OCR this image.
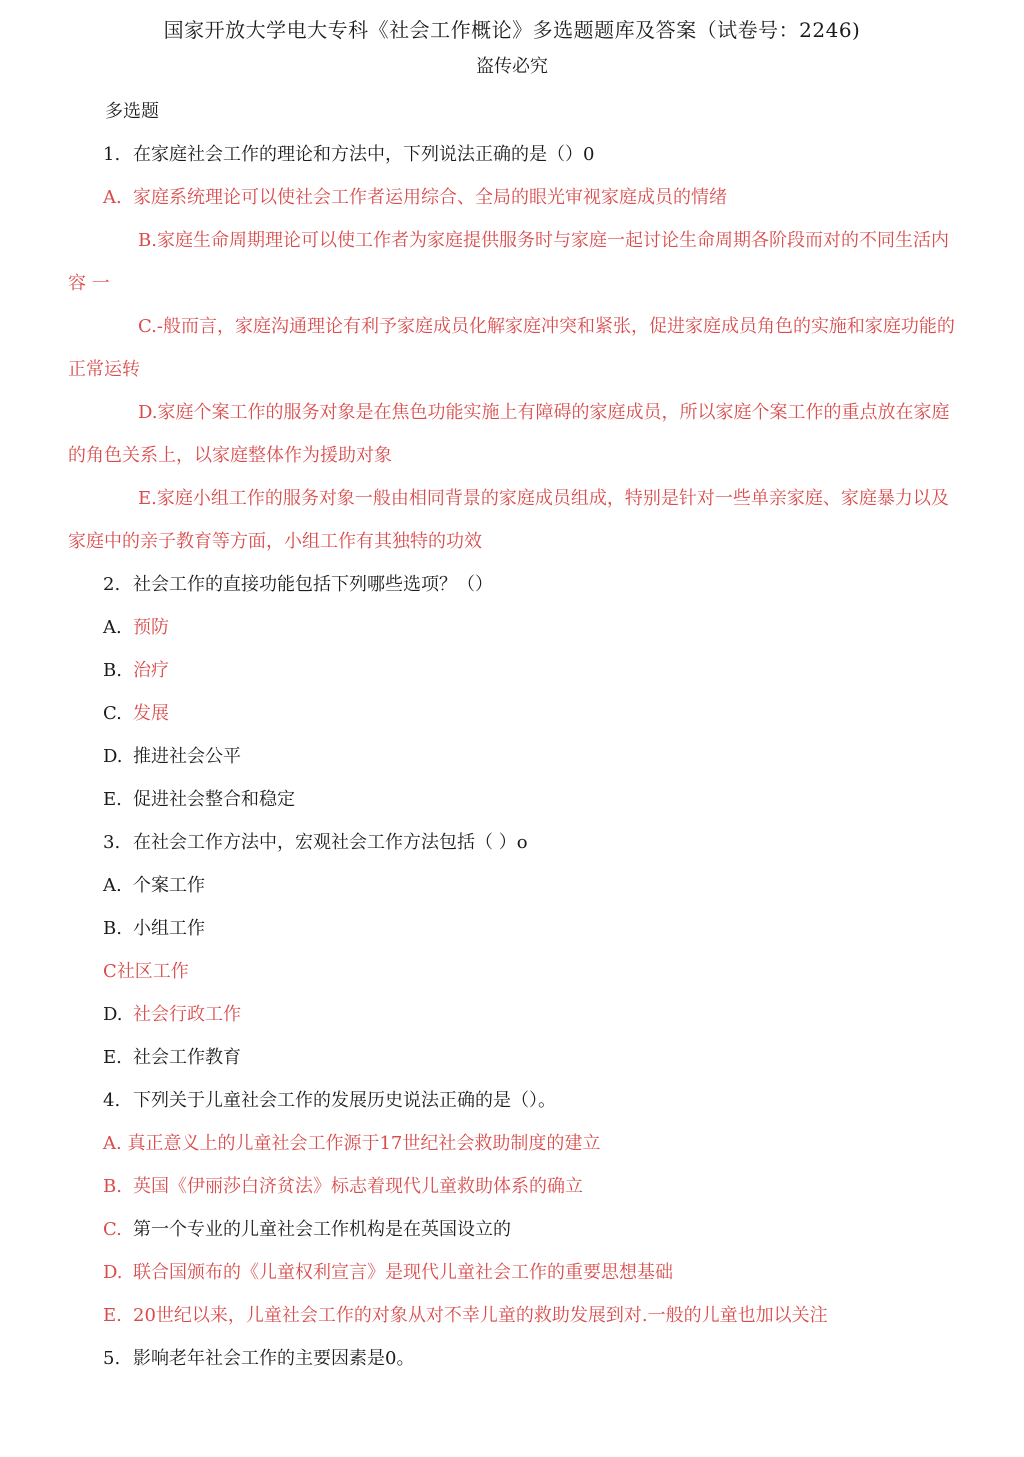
国家开放大学电大专科《社会工作概论》多选题题库及答案（试卷号：2246)
盗传必究

多选题

1. 在家庭社会工作的理论和方法中，下列说法正确的是（）0

A. 家庭系统理论可以使社会工作者运用综合、全局的眼光审视家庭成员的情绪

B.家庭生命周期理论可以使工作者为家庭提供服务时与家庭一起讨论生命周期各阶段而对的不同生活内容 一

C.-般而言，家庭沟通理论有利予家庭成员化解家庭冲突和紧张，促进家庭成员角色的实施和家庭功能的正常运转

D.家庭个案工作的服务对象是在焦色功能实施上有障碍的家庭成员，所以家庭个案工作的重点放在家庭的角色关系上，以家庭整体作为援助对象

E.家庭小组工作的服务对象一般由相同背景的家庭成员组成，特别是针对一些单亲家庭、家庭暴力以及家庭中的亲子教育等方面，小组工作有其独特的功效

2. 社会工作的直接功能包括下列哪些选项？（）

A. 预防

B. 治疗

C. 发展

D. 推进社会公平

E. 促进社会整合和稳定

3. 在社会工作方法中，宏观社会工作方法包括（ ）o

A. 个案工作

B. 小组工作

C社区工作

D. 社会行政工作

E. 社会工作教育

4. 下列关于儿童社会工作的发展历史说法正确的是（）。

A. 真正意义上的儿童社会工作源于17世纪社会救助制度的建立

B. 英国《伊丽莎白济贫法》标志着现代儿童救助体系的确立

C. 第一个专业的儿童社会工作机构是在英国设立的

D. 联合国颁布的《儿童权利宣言》是现代儿童社会工作的重要思想基础

E. 20世纪以来，儿童社会工作的对象从对不幸儿童的救助发展到对.一般的儿童也加以关注

5. 影响老年社会工作的主要因素是0。
